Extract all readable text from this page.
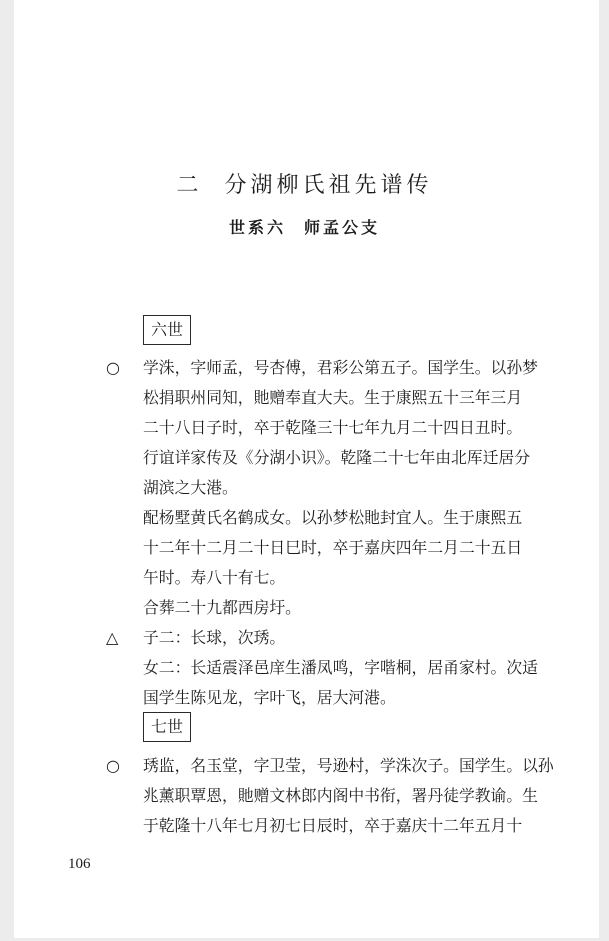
二 分湖柳氏祖先谱传
世系六 师孟公支
六世
○ 学洙，字师孟，号杏傅，君彩公第五子。国学生。以孙梦
松捐职州同知，貤赠奉直大夫。生于康熙五十三年三月
二十八日子时，卒于乾隆三十七年九月二十四日丑时。
行谊详家传及《分湖小识》。乾隆二十七年由北厍迁居分
湖滨之大港。
配杨墅黄氏名鹤成女。以孙梦松貤封宜人。生于康熙五
十二年十二月二十日巳时，卒于嘉庆四年二月二十五日
午时。寿八十有七。
合葬二十九都西房圩。
△ 子二：长球，次琇。
女二：长适震泽邑庠生潘凤鸣，字喈桐，居甬家村。次适
国学生陈见龙，字叶飞，居大河港。
七世
○ 琇监，名玉堂，字卫莹，号逊村，学洙次子。国学生。以孙
兆薰职覃恩，貤赠文林郎内阁中书衔，署丹徒学教谕。生
于乾隆十八年七月初七日辰时，卒于嘉庆十二年五月十
106
